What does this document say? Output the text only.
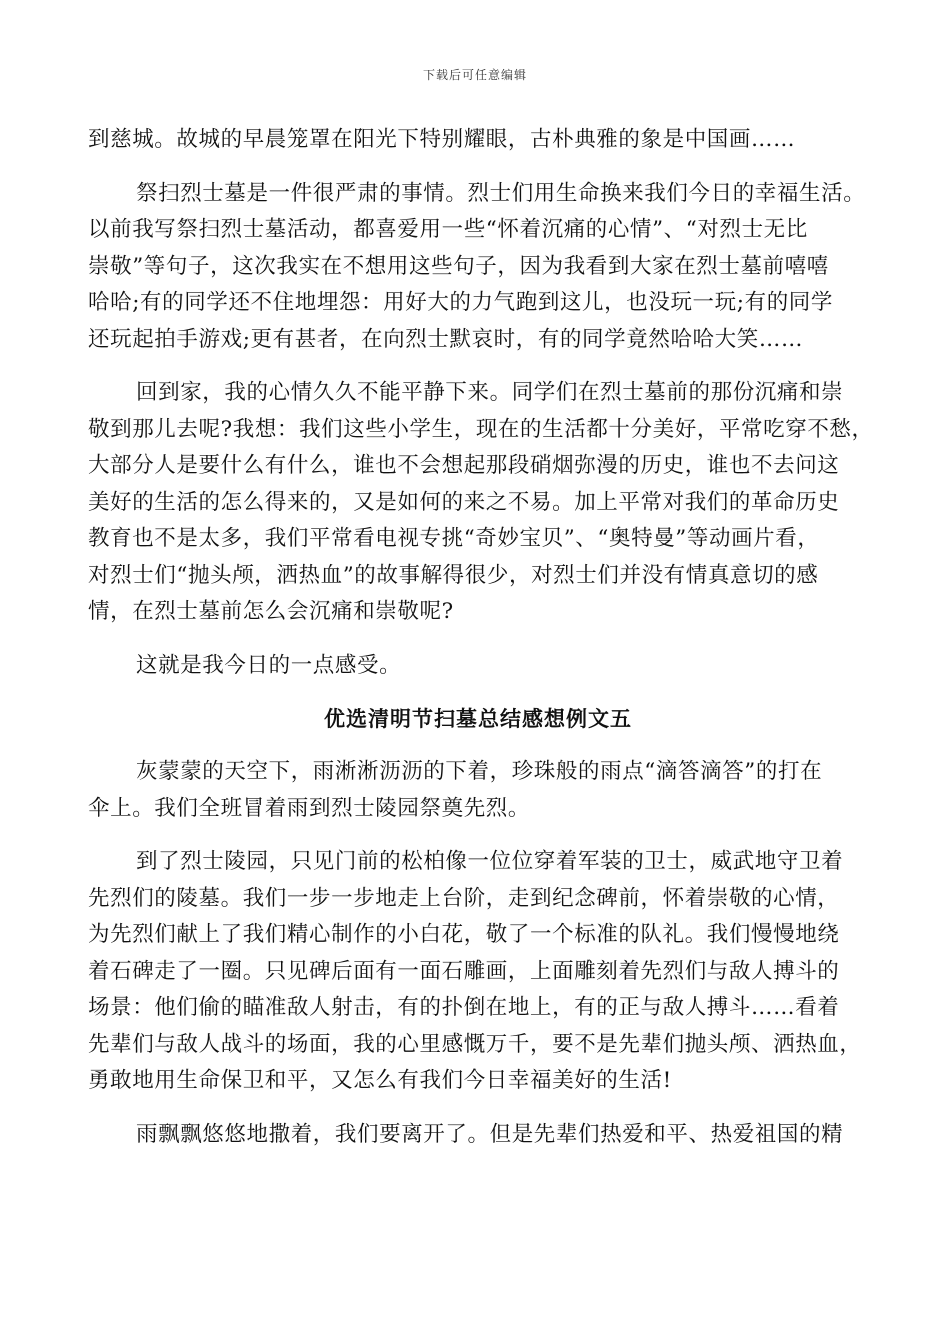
下载后可任意编辑
到慈城。故城的早晨笼罩在阳光下特别耀眼，古朴典雅的象是中国画……
祭扫烈士墓是一件很严肃的事情。烈士们用生命换来我们今日的幸福生活。
以前我写祭扫烈士墓活动，都喜爱用一些“怀着沉痛的心情”、“对烈士无比
崇敬”等句子，这次我实在不想用这些句子，因为我看到大家在烈士墓前嘻嘻
哈哈;有的同学还不住地埋怨：用好大的力气跑到这儿，也没玩一玩;有的同学
还玩起拍手游戏;更有甚者，在向烈士默哀时，有的同学竟然哈哈大笑……
回到家，我的心情久久不能平静下来。同学们在烈士墓前的那份沉痛和崇
敬到那儿去呢?我想：我们这些小学生，现在的生活都十分美好，平常吃穿不愁，
大部分人是要什么有什么，谁也不会想起那段硝烟弥漫的历史，谁也不去问这
美好的生活的怎么得来的，又是如何的来之不易。加上平常对我们的革命历史
教育也不是太多，我们平常看电视专挑“奇妙宝贝”、“奥特曼”等动画片看，
对烈士们“抛头颅，洒热血”的故事解得很少，对烈士们并没有情真意切的感
情，在烈士墓前怎么会沉痛和崇敬呢?
这就是我今日的一点感受。
优选清明节扫墓总结感想例文五
灰蒙蒙的天空下，雨淅淅沥沥的下着，珍珠般的雨点“滴答滴答”的打在
伞上。我们全班冒着雨到烈士陵园祭奠先烈。
到了烈士陵园，只见门前的松柏像一位位穿着军装的卫士，威武地守卫着
先烈们的陵墓。我们一步一步地走上台阶，走到纪念碑前，怀着崇敬的心情，
为先烈们献上了我们精心制作的小白花，敬了一个标准的队礼。我们慢慢地绕
着石碑走了一圈。只见碑后面有一面石雕画，上面雕刻着先烈们与敌人搏斗的
场景：他们偷的瞄准敌人射击，有的扑倒在地上，有的正与敌人搏斗……看着
先辈们与敌人战斗的场面，我的心里感慨万千，要不是先辈们抛头颅、洒热血，
勇敢地用生命保卫和平，又怎么有我们今日幸福美好的生活!
雨飘飘悠悠地撒着，我们要离开了。但是先辈们热爱和平、热爱祖国的精
